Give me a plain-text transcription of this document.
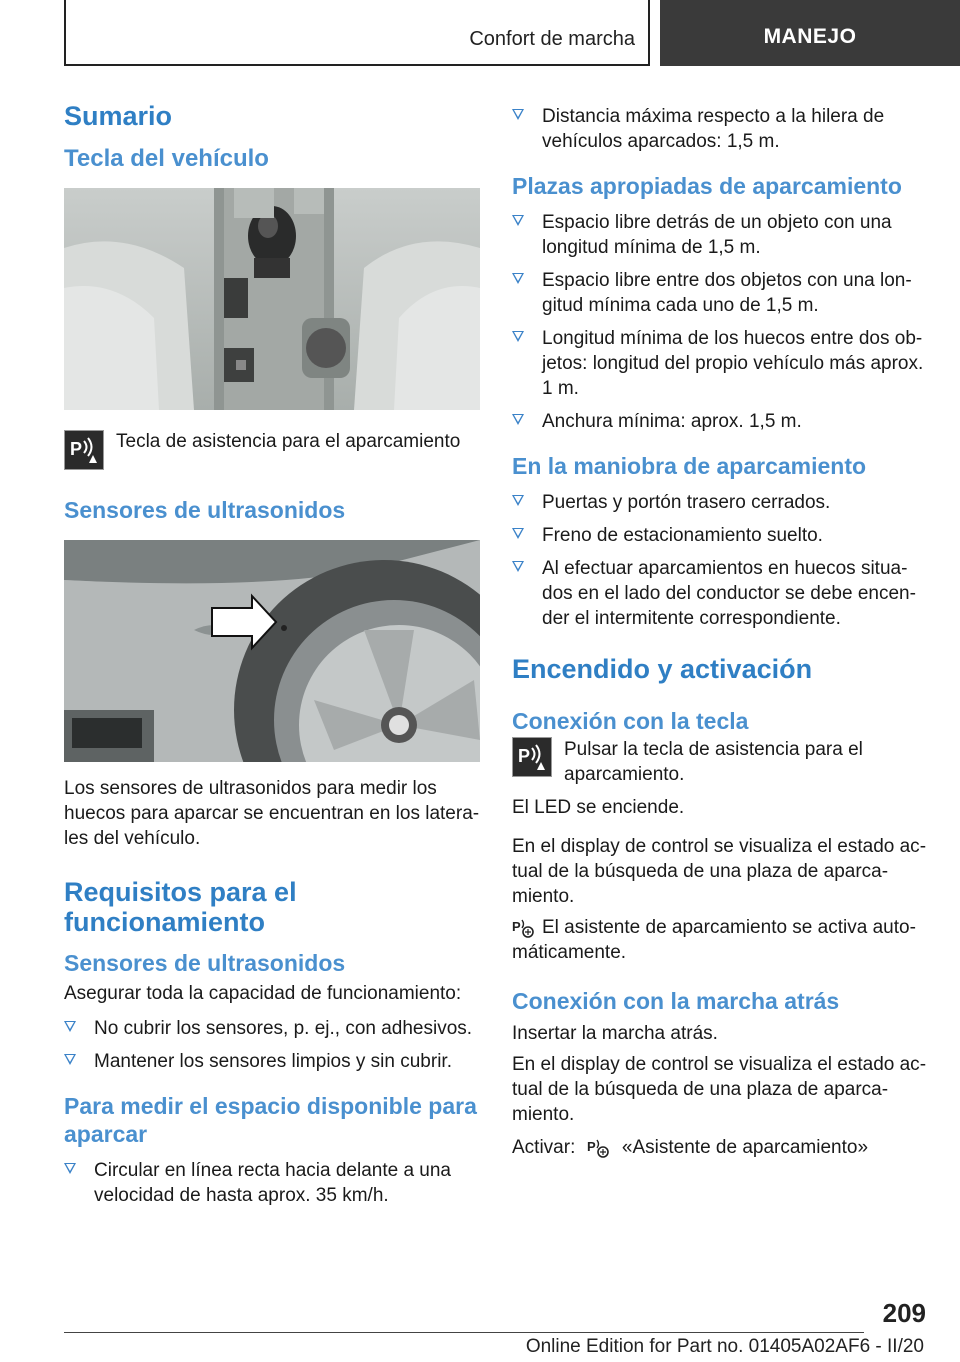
Confort de marcha	MANEJO
Sumario
Tecla del vehículo
P Tecla de asistencia para el aparcamiento

Sensores de ultrasonidos

Los sensores de ultrasonidos para medir los huecos para aparcar se encuentran en los laterales del vehículo.

Requisitos para el funcionamiento
Sensores de ultrasonidos

Asegurar toda la capacidad de funcionamiento:

No cubrir los sensores, p. ej., con adhesivos.
Mantener los sensores limpios y sin cubrir.
Para medir el espacio disponible para aparcar
Circular en línea recta hacia delante a una velocidad de hasta aprox. 35 km/h.
Distancia máxima respecto a la hilera de vehículos aparcados: 1,5 m.
Plazas apropiadas de aparcamiento
Espacio libre detrás de un objeto con una longitud mínima de 1,5 m.
Espacio libre entre dos objetos con una longitud mínima cada uno de 1,5 m.
Longitud mínima de los huecos entre dos objetos: longitud del propio vehículo más aprox. 1 m.
Anchura mínima: aprox. 1,5 m.
En la maniobra de aparcamiento
Puertas y portón trasero cerrados.
Freno de estacionamiento suelto.
Al efectuar aparcamientos en huecos situados en el lado del conductor se debe encender el intermitente correspondiente.
Encendido y activación
Conexión con la tecla
P Pulsar la tecla de asistencia para el aparcamiento.

El LED se enciende.

En el display de control se visualiza el estado actual de la búsqueda de una plaza de aparcamiento.

P El asistente de aparcamiento se activa automáticamente.

Conexión con la marcha atrás

Insertar la marcha atrás.

En el display de control se visualiza el estado actual de la búsqueda de una plaza de aparcamiento.

Activar: P «Asistente de aparcamiento»

209
Online Edition for Part no. 01405A02AF6 - II/20
